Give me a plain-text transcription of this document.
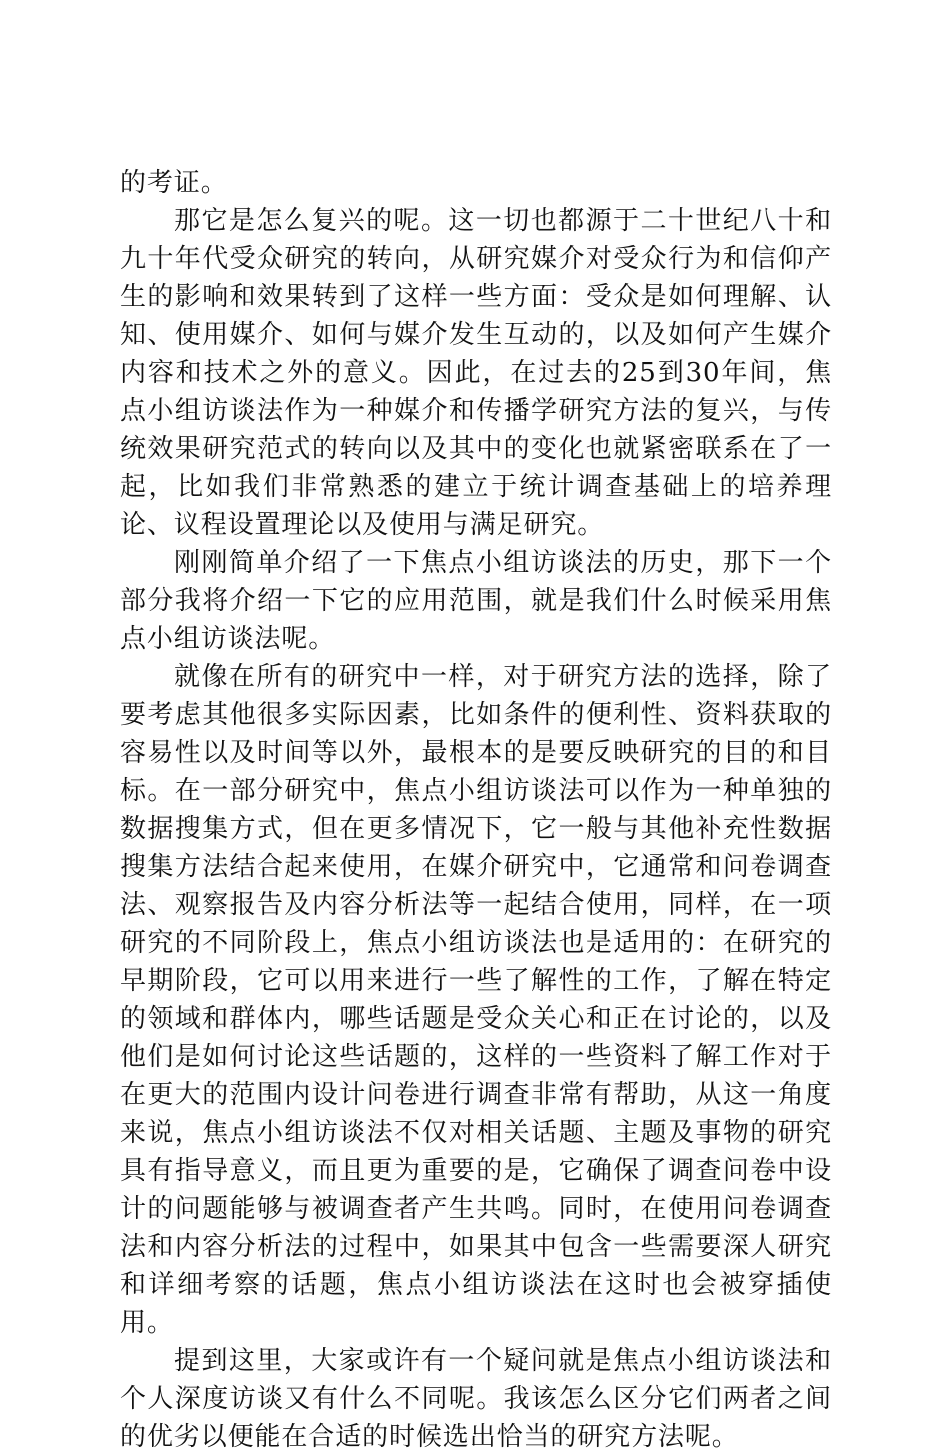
的考证。

那它是怎么复兴的呢。这一切也都源于二十世纪八十和九十年代受众研究的转向，从研究媒介对受众行为和信仰产生的影响和效果转到了这样一些方面：受众是如何理解、认知、使用媒介、如何与媒介发生互动的，以及如何产生媒介内容和技术之外的意义。因此，在过去的25到30年间，焦点小组访谈法作为一种媒介和传播学研究方法的复兴，与传统效果研究范式的转向以及其中的变化也就紧密联系在了一起，比如我们非常熟悉的建立于统计调查基础上的培养理论、议程设置理论以及使用与满足研究。

刚刚简单介绍了一下焦点小组访谈法的历史，那下一个部分我将介绍一下它的应用范围，就是我们什么时候采用焦点小组访谈法呢。

就像在所有的研究中一样，对于研究方法的选择，除了要考虑其他很多实际因素，比如条件的便利性、资料获取的容易性以及时间等以外，最根本的是要反映研究的目的和目标。在一部分研究中，焦点小组访谈法可以作为一种单独的数据搜集方式，但在更多情况下，它一般与其他补充性数据搜集方法结合起来使用，在媒介研究中，它通常和问卷调查法、观察报告及内容分析法等一起结合使用，同样，在一项研究的不同阶段上，焦点小组访谈法也是适用的：在研究的早期阶段，它可以用来进行一些了解性的工作，了解在特定的领域和群体内，哪些话题是受众关心和正在讨论的，以及他们是如何讨论这些话题的，这样的一些资料了解工作对于在更大的范围内设计问卷进行调查非常有帮助，从这一角度来说，焦点小组访谈法不仅对相关话题、主题及事物的研究具有指导意义，而且更为重要的是，它确保了调查问卷中设计的问题能够与被调查者产生共鸣。同时，在使用问卷调查法和内容分析法的过程中，如果其中包含一些需要深人研究和详细考察的话题，焦点小组访谈法在这时也会被穿插使用。

提到这里，大家或许有一个疑问就是焦点小组访谈法和个人深度访谈又有什么不同呢。我该怎么区分它们两者之间的优劣以便能在合适的时候选出恰当的研究方法呢。
